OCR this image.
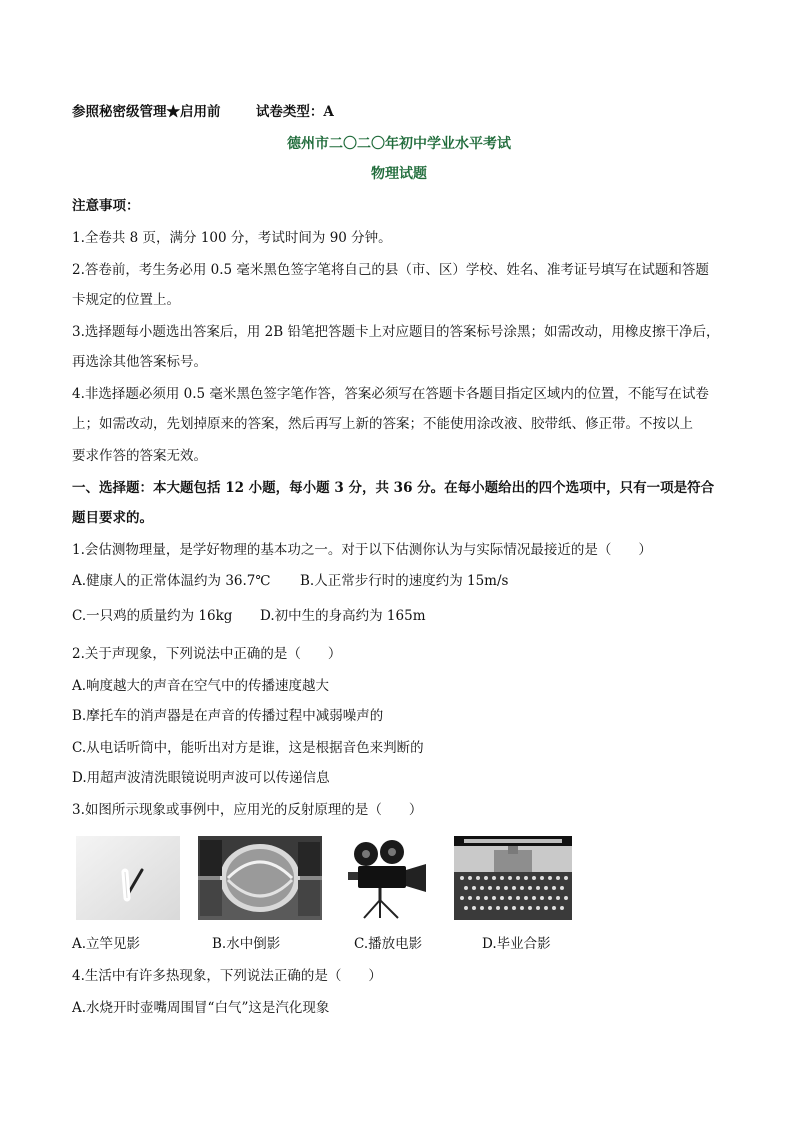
参照秘密级管理★启用前	试卷类型：A
德州市二〇二〇年初中学业水平考试
物理试题
注意事项：
1.全卷共 8 页，满分 100 分，考试时间为 90 分钟。
2.答卷前，考生务必用 0.5 毫米黑色签字笔将自己的县（市、区）学校、姓名、准考证号填写在试题和答题
卡规定的位置上。
3.选择题每小题选出答案后，用 2B 铅笔把答题卡上对应题目的答案标号涂黑；如需改动，用橡皮擦干净后，
再选涂其他答案标号。
4.非选择题必须用 0.5 毫米黑色签字笔作答，答案必须写在答题卡各题目指定区域内的位置，不能写在试卷
上；如需改动，先划掉原来的答案，然后再写上新的答案；不能使用涂改液、胶带纸、修正带。不按以上
要求作答的答案无效。
一、选择题：本大题包括 12 小题，每小题 3 分，共 36 分。在每小题给出的四个选项中，只有一项是符合
题目要求的。
1.会估测物理量，是学好物理的基本功之一。对于以下估测你认为与实际情况最接近的是（　　）
A.健康人的正常体温约为 36.7℃ B.人正常步行时的速度约为 15m/s
C.一只鸡的质量约为 16kg D.初中生的身高约为 165m
2.关于声现象，下列说法中正确的是（　　）
A.响度越大的声音在空气中的传播速度越大
B.摩托车的消声器是在声音的传播过程中减弱噪声的
C.从电话听筒中，能听出对方是谁，这是根据音色来判断的
D.用超声波清洗眼镜说明声波可以传递信息
3.如图所示现象或事例中，应用光的反射原理的是（　　）
A.立竿见影	B.水中倒影	C.播放电影	D.毕业合影
4.生活中有许多热现象，下列说法正确的是（　　）
A.水烧开时壶嘴周围冒“白气”这是汽化现象
